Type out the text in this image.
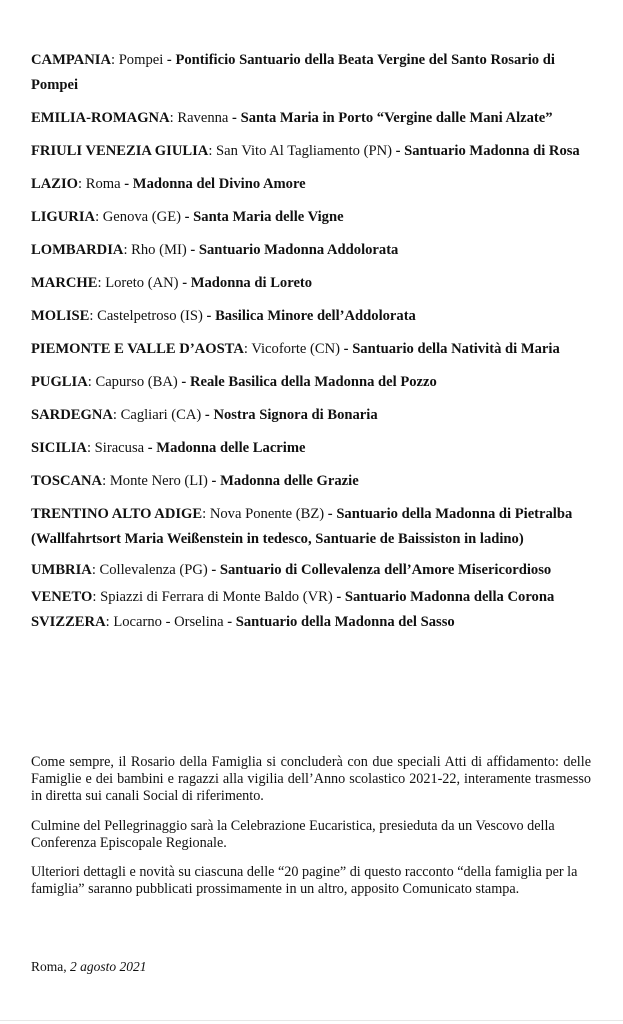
CAMPANIA: Pompei - Pontificio Santuario della Beata Vergine del Santo Rosario di Pompei

EMILIA-ROMAGNA: Ravenna - Santa Maria in Porto “Vergine dalle Mani Alzate”

FRIULI VENEZIA GIULIA: San Vito Al Tagliamento (PN) - Santuario Madonna di Rosa

LAZIO: Roma - Madonna del Divino Amore

LIGURIA: Genova (GE) - Santa Maria delle Vigne

LOMBARDIA: Rho (MI) - Santuario Madonna Addolorata

MARCHE: Loreto (AN) - Madonna di Loreto

MOLISE: Castelpetroso (IS) - Basilica Minore dell’Addolorata

PIEMONTE E VALLE D’AOSTA: Vicoforte (CN) - Santuario della Natività di Maria

PUGLIA: Capurso (BA) - Reale Basilica della Madonna del Pozzo

SARDEGNA: Cagliari (CA) - Nostra Signora di Bonaria

SICILIA: Siracusa - Madonna delle Lacrime

TOSCANA: Monte Nero (LI) - Madonna delle Grazie

TRENTINO ALTO ADIGE: Nova Ponente (BZ) - Santuario della Madonna di Pietralba (Wallfahrtsort Maria Weißenstein in tedesco, Santuarie de Baissiston in ladino)

UMBRIA: Collevalenza (PG) - Santuario di Collevalenza dell’Amore Misericordioso

VENETO: Spiazzi di Ferrara di Monte Baldo (VR) - Santuario Madonna della Corona

SVIZZERA: Locarno - Orselina - Santuario della Madonna del Sasso

Come sempre, il Rosario della Famiglia si concluderà con due speciali Atti di affidamento: delle Famiglie e dei bambini e ragazzi alla vigilia dell’Anno scolastico 2021-22, interamente trasmesso in diretta sui canali Social di riferimento.

Culmine del Pellegrinaggio sarà la Celebrazione Eucaristica, presieduta da un Vescovo della Conferenza Episcopale Regionale.

Ulteriori dettagli e novità su ciascuna delle “20 pagine” di questo racconto “della famiglia per la famiglia” saranno pubblicati prossimamente in un altro, apposito Comunicato stampa.

Roma, 2 agosto 2021
